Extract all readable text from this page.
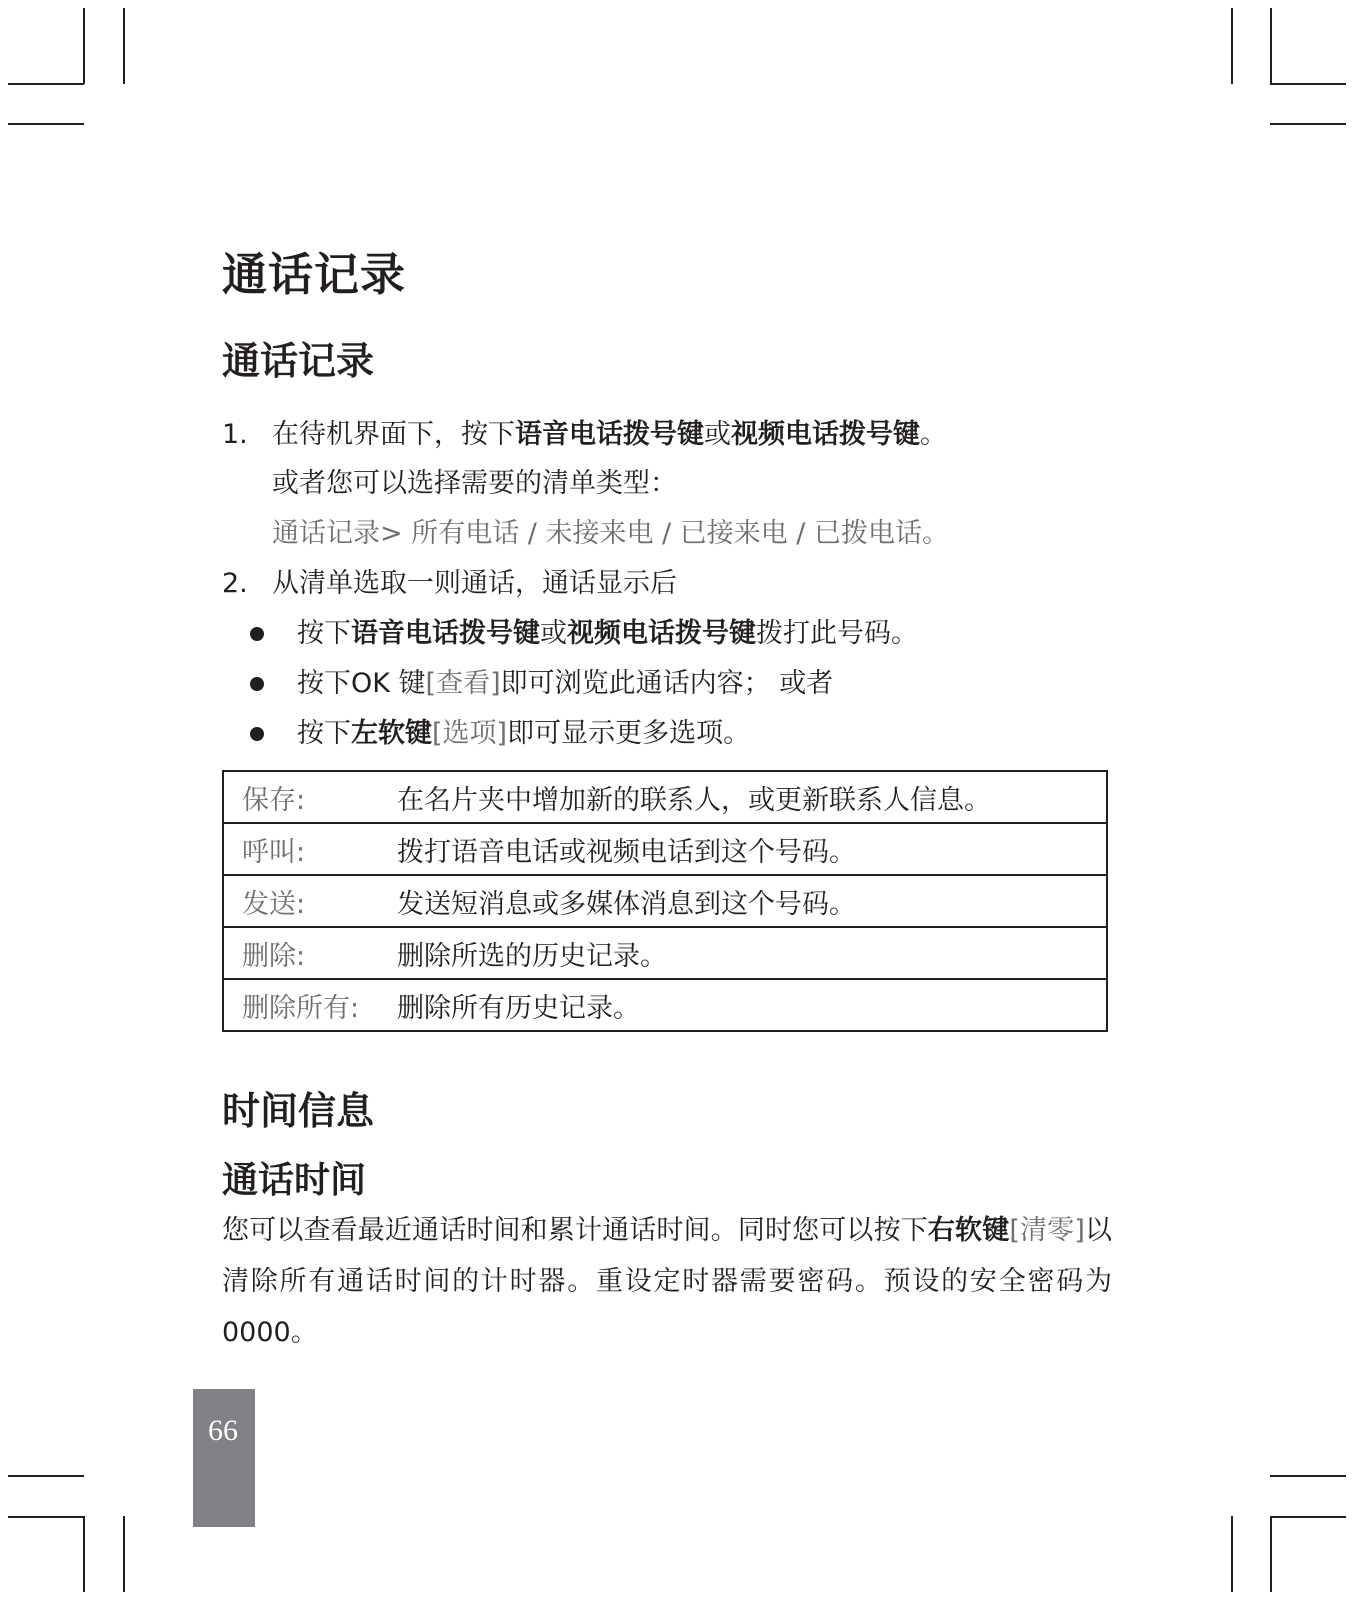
通话记录
通话记录
1. 在待机界面下，按下语音电话拨号键或视频电话拨号键。
或者您可以选择需要的清单类型：
通话记录> 所有电话 / 未接来电 / 已接来电 / 已拨电话。
2. 从清单选取一则通话，通话显示后
按下语音电话拨号键或视频电话拨号键拨打此号码。
按下OK 键[查看]即可浏览此通话内容； 或者
按下左软键[选项]即可显示更多选项。
保存:	在名片夹中增加新的联系人，或更新联系人信息。
呼叫:	拨打语音电话或视频电话到这个号码。
发送:	发送短消息或多媒体消息到这个号码。
删除:	删除所选的历史记录。
删除所有:	删除所有历史记录。
时间信息
通话时间
您可以查看最近通话时间和累计通话时间。同时您可以按下右软键[清零]以清除所有通话时间的计时器。重设定时器需要密码。预设的安全密码为 0000。
66
